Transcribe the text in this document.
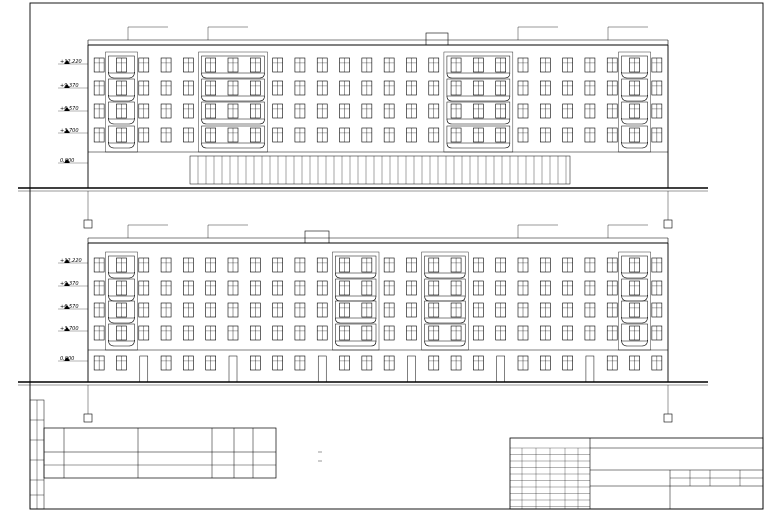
+12,220
+9,370
+6,570
+3,700
0,000
+12,220
+9,370
+6,570
+3,700
0,000
